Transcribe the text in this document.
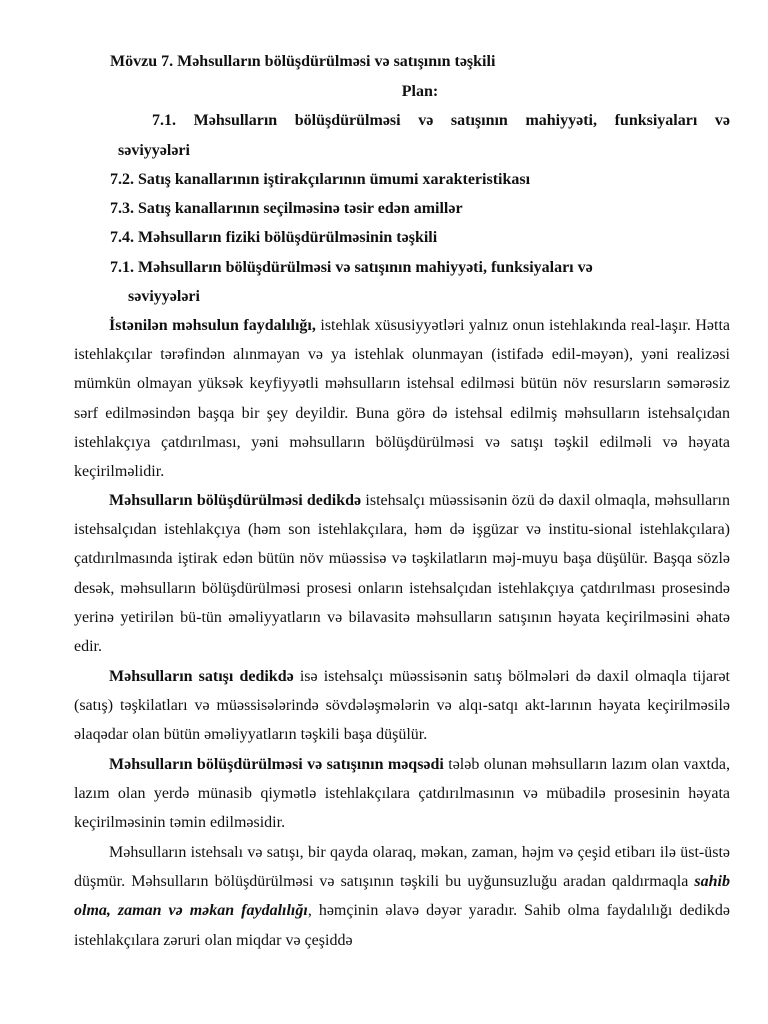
Mövzu 7. Məhsulların bölüşdürülməsi və satışının təşkili
Plan:
7.1. Məhsulların bölüşdürülməsi və satışının mahiyyəti, funksiyaları və
səviyyələri
7.2. Satış kanallarının iştirakçılarının ümumi xarakteristikası
7.3. Satış kanallarının seçilməsinə təsir edən amillər
7.4. Məhsulların fiziki bölüşdürülməsinin təşkili
7.1. Məhsulların bölüşdürülməsi və satışının mahiyyəti, funksiyaları və
səviyyələri
İstənilən məhsulun faydalılığı, istehlak xüsusiyyətləri yalnız onun istehlakında real-laşır. Hətta istehlakçılar tərəfindən alınmayan və ya istehlak olunmayan (istifadə edil-məyən), yəni realizəsi mümkün olmayan yüksək keyfiyyətli məhsulların istehsal edilməsi bütün növ resursların səmərəsiz sərf edilməsindən başqa bir şey deyildir. Buna görə də istehsal edilmiş məhsulların istehsalçıdan istehlakçıya çatdırılması, yəni məhsulların bölüşdürülməsi və satışı təşkil edilməli və həyata keçirilməlidir.
Məhsulların bölüşdürülməsi dedikdə istehsalçı müəssisənin özü də daxil olmaqla, məhsulların istehsalçıdan istehlakçıya (həm son istehlakçılara, həm də işgüzar və institu-sional istehlakçılara) çatdırılmasında iştirak edən bütün növ müəssisə və təşkilatların məj-muyu başa düşülür. Başqa sözlə desək, məhsulların bölüşdürülməsi prosesi onların istehsalçıdan istehlakçıya çatdırılması prosesində yerinə yetirilən bü-tün əməliyyatların və bilavasitə məhsulların satışının həyata keçirilməsini əhatə edir.
Məhsulların satışı dedikdə isə istehsalçı müəssisənin satış bölmələri də daxil olmaqla tijarət (satış) təşkilatları və müəssisələrində sövdələşmələrin və alqı-satqı akt-larının həyata keçirilməsilə əlaqədar olan bütün əməliyyatların təşkili başa düşülür.
Məhsulların bölüşdürülməsi və satışının məqsədi tələb olunan məhsulların lazım olan vaxtda, lazım olan yerdə münasib qiymətlə istehlakçılara çatdırılmasının və mübadilə prosesinin həyata keçirilməsinin təmin edilməsidir.
Məhsulların istehsalı və satışı, bir qayda olaraq, məkan, zaman, həjm və çeşid etibarı ilə üst-üstə düşmür. Məhsulların bölüşdürülməsi və satışının təşkili bu uyğunsuzluğu aradan qaldırmaqla sahib olma, zaman və məkan faydalılığı, həmçinin əlavə dəyər yaradır. Sahib olma faydalılığı dedikdə istehlakçılara zəruri olan miqdar və çeşiddə
